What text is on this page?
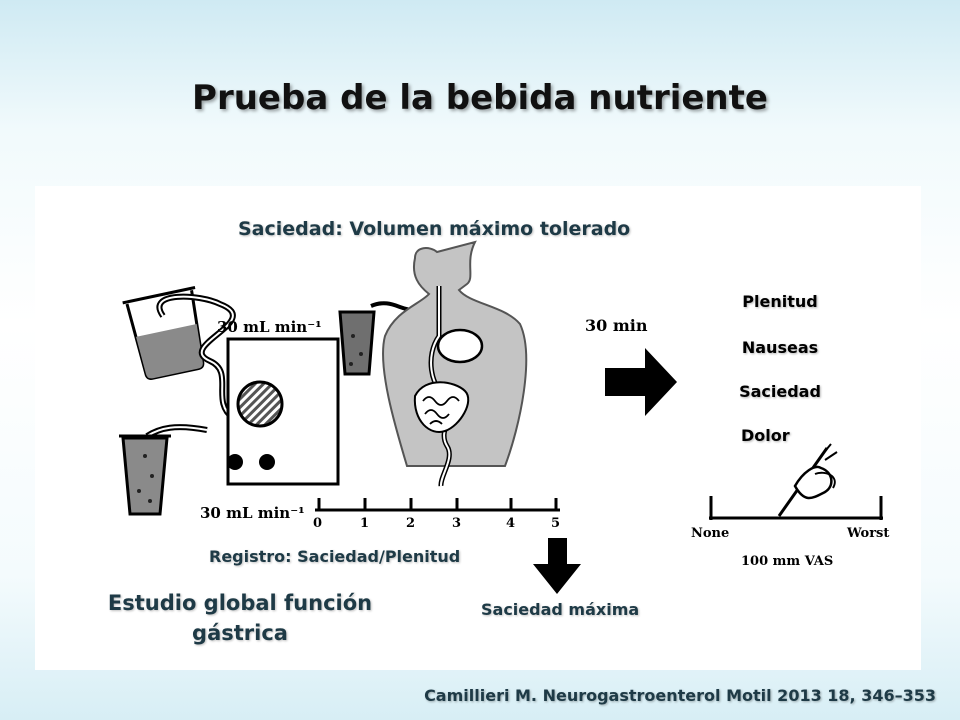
Prueba de la bebida nutriente
Saciedad: Volumen máximo tolerado
30 mL min⁻¹
30 mL min⁻¹
0	1	2	3	4	5
Registro: Saciedad/Plenitud
Estudio global función gástrica
Saciedad máxima
30 min
Plenitud
Nauseas
Saciedad
Dolor
None	Worst
100 mm VAS
Camillieri M. Neurogastroenterol Motil 2013 18, 346–353
